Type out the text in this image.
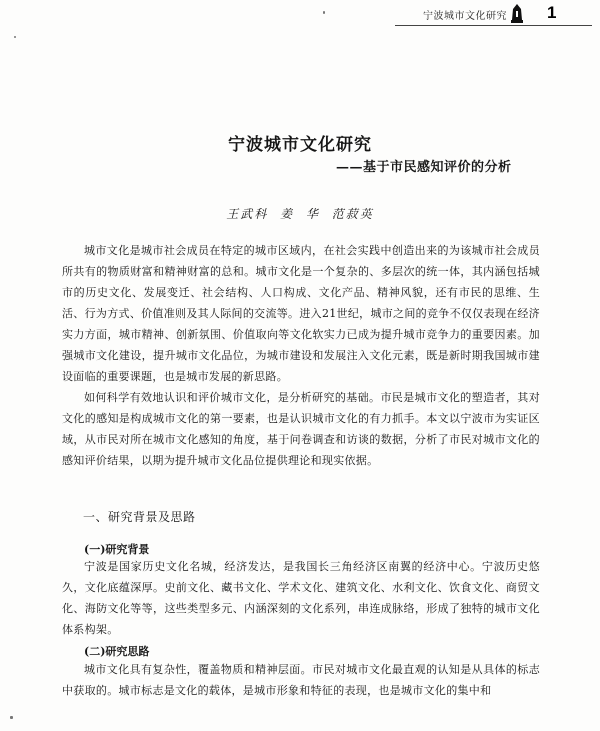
宁波城市文化研究 1
宁波城市文化研究
——基于市民感知评价的分析
王武科 姜 华 范菽英

城市文化是城市社会成员在特定的城市区域内，在社会实践中创造出来的为该城市社会成员所共有的物质财富和精神财富的总和。城市文化是一个复杂的、多层次的统一体，其内涵包括城市的历史文化、发展变迁、社会结构、人口构成、文化产品、精神风貌，还有市民的思维、生活、行为方式、价值准则及其人际间的交流等。进入21世纪，城市之间的竞争不仅仅表现在经济实力方面，城市精神、创新氛围、价值取向等文化软实力已成为提升城市竞争力的重要因素。加强城市文化建设，提升城市文化品位，为城市建设和发展注入文化元素，既是新时期我国城市建设面临的重要课题，也是城市发展的新思路。

如何科学有效地认识和评价城市文化，是分析研究的基础。市民是城市文化的塑造者，其对文化的感知是构成城市文化的第一要素，也是认识城市文化的有力抓手。本文以宁波市为实证区域，从市民对所在城市文化感知的角度，基于问卷调查和访谈的数据，分析了市民对城市文化的感知评价结果，以期为提升城市文化品位提供理论和现实依据。

一、研究背景及思路
(一)研究背景

宁波是国家历史文化名城，经济发达，是我国长三角经济区南翼的经济中心。宁波历史悠久，文化底蕴深厚。史前文化、藏书文化、学术文化、建筑文化、水利文化、饮食文化、商贸文化、海防文化等等，这些类型多元、内涵深刻的文化系列，串连成脉络，形成了独特的城市文化体系构架。

(二)研究思路

城市文化具有复杂性，覆盖物质和精神层面。市民对城市文化最直观的认知是从具体的标志中获取的。城市标志是文化的载体，是城市形象和特征的表现，也是城市文化的集中和
